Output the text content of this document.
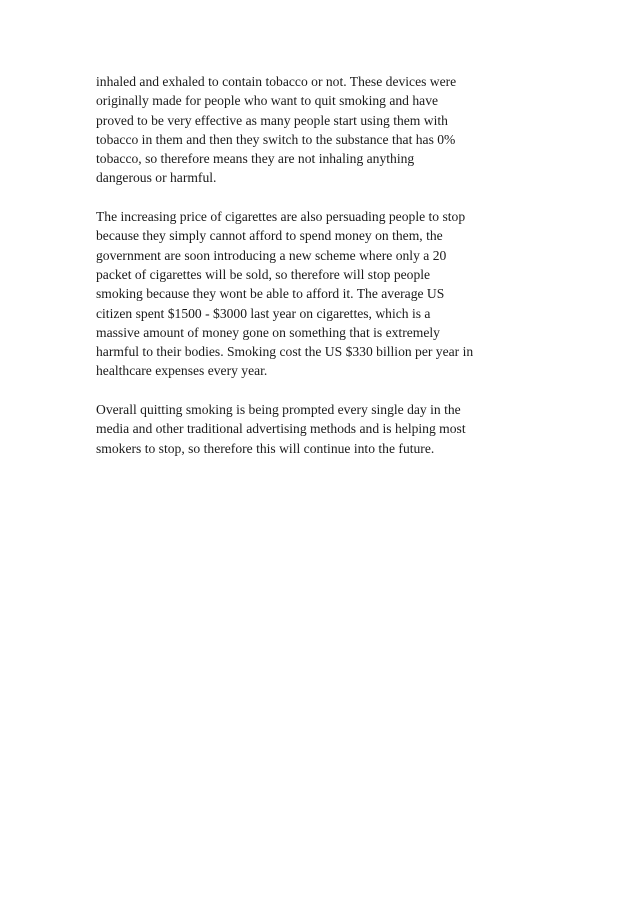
inhaled and exhaled to contain tobacco or not. These devices were
originally made for people who want to quit smoking and have
proved to be very effective as many people start using them with
tobacco in them and then they switch to the substance that has 0%
tobacco, so therefore means they are not inhaling anything
dangerous or harmful.

The increasing price of cigarettes are also persuading people to stop
because they simply cannot afford to spend money on them, the
government are soon introducing a new scheme where only a 20
packet of cigarettes will be sold, so therefore will stop people
smoking because they wont be able to afford it. The average US
citizen spent $1500 - $3000 last year on cigarettes, which is a
massive amount of money gone on something that is extremely
harmful to their bodies. Smoking cost the US $330 billion per year in
healthcare expenses every year.

Overall quitting smoking is being prompted every single day in the
media and other traditional advertising methods and is helping most
smokers to stop, so therefore this will continue into the future.
